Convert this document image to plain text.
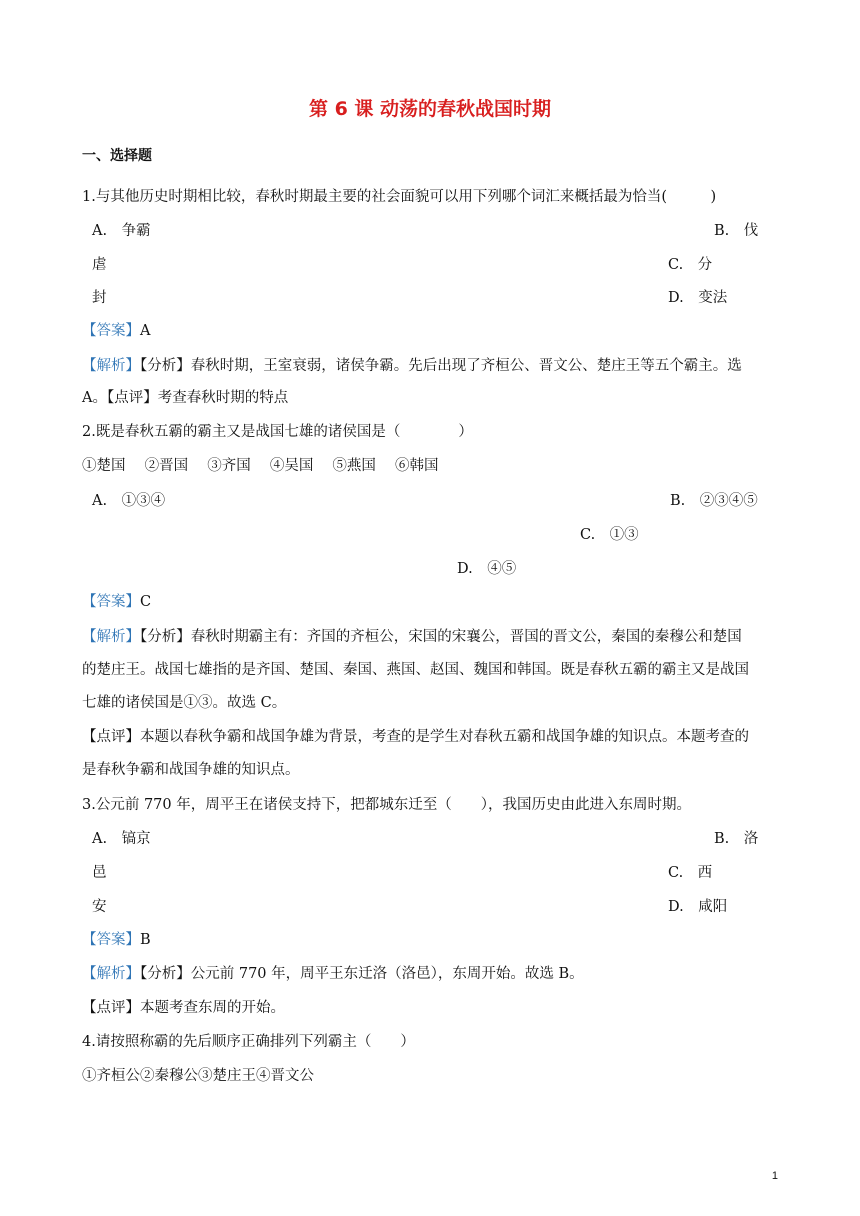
第 6 课 动荡的春秋战国时期
一、选择题
1.与其他历史时期相比较，春秋时期最主要的社会面貌可以用下列哪个词汇来概括最为恰当(　　　)
A.　争霸	B.　伐
虐	C.　分
封	D.　变法
【答案】A
【解析】【分析】春秋时期，王室衰弱，诸侯争霸。先后出现了齐桓公、晋文公、楚庄王等五个霸主。选
A。【点评】考查春秋时期的特点
2.既是春秋五霸的霸主又是战国七雄的诸侯国是（　　　　）
①楚国　 ②晋国　 ③齐国　 ④吴国　 ⑤燕国　 ⑥韩国
A.　①③④	B.　②③④⑤
C.　①③
D.　④⑤
【答案】C
【解析】【分析】春秋时期霸主有：齐国的齐桓公，宋国的宋襄公，晋国的晋文公，秦国的秦穆公和楚国
的楚庄王。战国七雄指的是齐国、楚国、秦国、燕国、赵国、魏国和韩国。既是春秋五霸的霸主又是战国
七雄的诸侯国是①③。故选 C。
【点评】本题以春秋争霸和战国争雄为背景，考查的是学生对春秋五霸和战国争雄的知识点。本题考查的
是春秋争霸和战国争雄的知识点。
3.公元前 770 年，周平王在诸侯支持下，把都城东迁至（　　），我国历史由此进入东周时期。
A.　镐京	B.　洛
邑	C.　西
安	D.　咸阳
【答案】B
【解析】【分析】公元前 770 年，周平王东迁洛（洛邑），东周开始。故选 B。
【点评】本题考查东周的开始。
4.请按照称霸的先后顺序正确排列下列霸主（　　）
①齐桓公②秦穆公③楚庄王④晋文公
1
